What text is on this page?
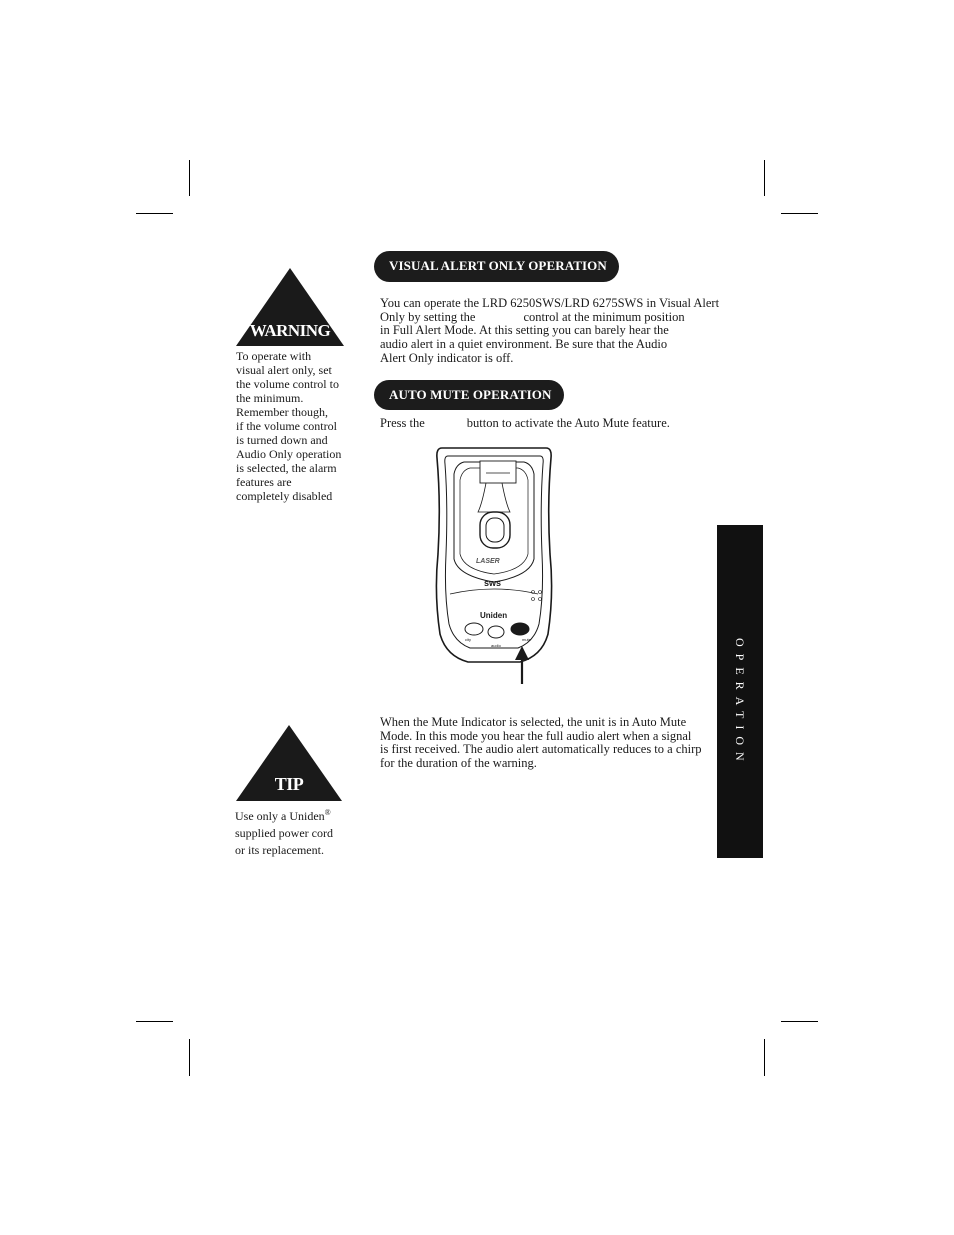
WARNING
To operate with
visual alert only, set
the volume control to
the minimum.
Remember though,
if the volume control
is turned down and
Audio Only operation
is selected, the alarm
features are
completely disabled
VISUAL ALERT ONLY OPERATION
You can operate the LRD 6250SWS/LRD 6275SWS in Visual Alert
Only by setting the	control at the minimum position
in Full Alert Mode. At this setting you can barely hear the
audio alert in a quiet environment. Be sure that the Audio
Alert Only indicator is off.
AUTO MUTE OPERATION
Press the	button to activate the Auto Mute feature.
LASER
sws
Uniden
city
audio
mute
When the Mute Indicator is selected, the unit is in Auto Mute
Mode. In this mode you hear the full audio alert when a signal
is first received. The audio alert automatically reduces to a chirp
for the duration of the warning.
TIP
Use only a Uniden®
supplied power cord
or its replacement.
OPERATION
